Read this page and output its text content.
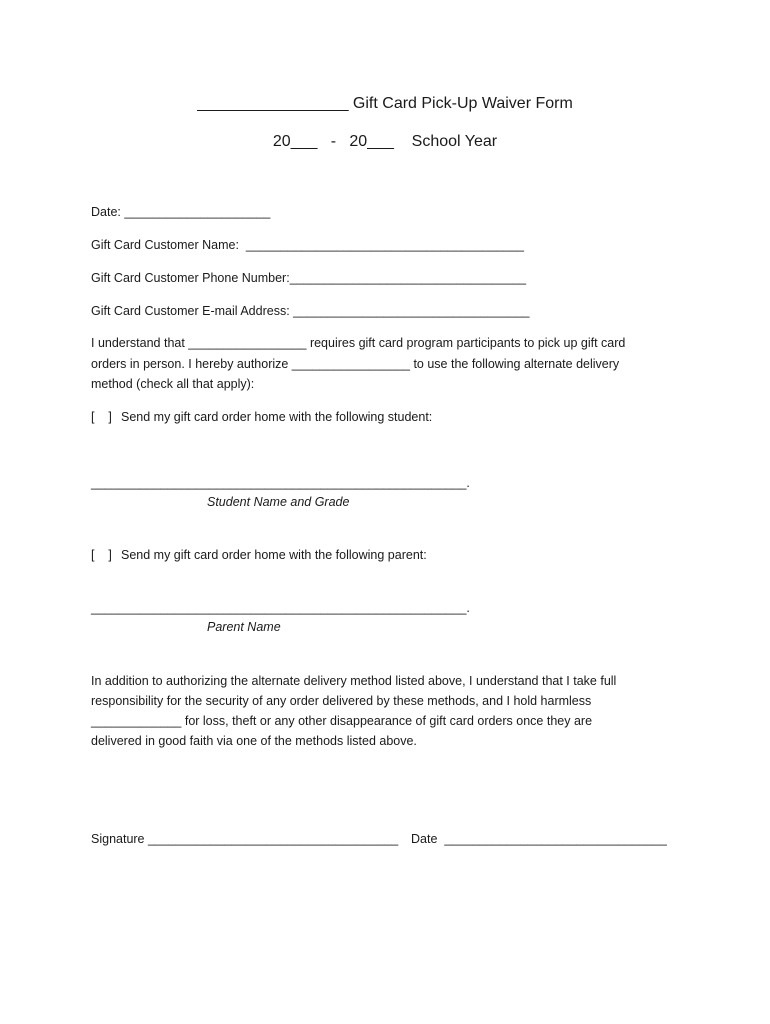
_________________ Gift Card Pick-Up Waiver Form
20___   -   20___    School Year
Date: _____________________
Gift Card Customer Name:  ________________________________________
Gift Card Customer Phone Number:__________________________________
Gift Card Customer E-mail Address: __________________________________
I understand that _________________ requires gift card program participants to pick up gift card
orders in person. I hereby authorize _________________ to use the following alternate delivery
method (check all that apply):
[    ] Send my gift card order home with the following student:
______________________________________________________.
Student Name and Grade
[    ] Send my gift card order home with the following parent:
______________________________________________________.
Parent Name
In addition to authorizing the alternate delivery method listed above, I understand that I take full
responsibility for the security of any order delivered by these methods, and I hold harmless
_____________ for loss, theft or any other disappearance of gift card orders once they are
delivered in good faith via one of the methods listed above.
Signature ____________________________________ Date  ________________________________
